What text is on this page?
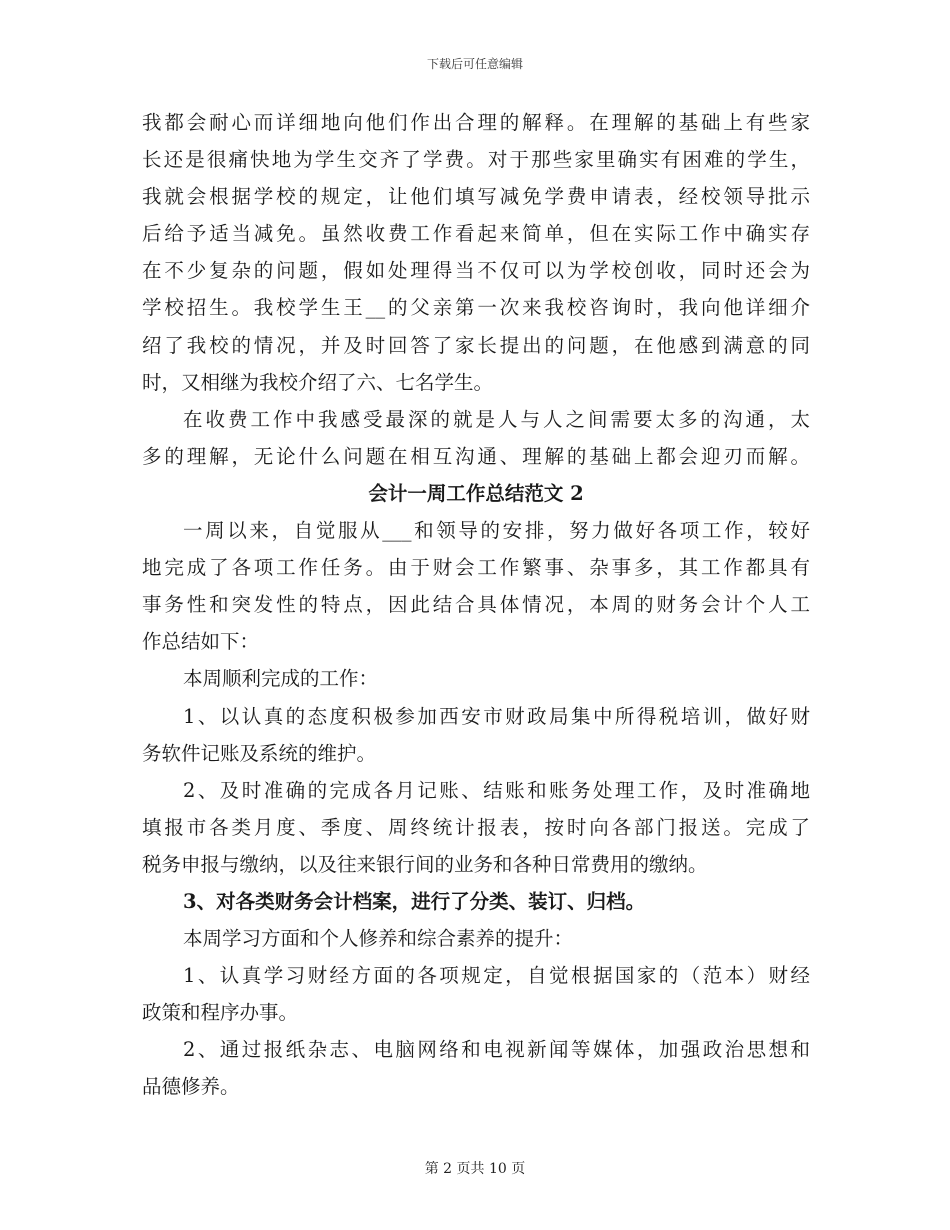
下载后可任意编辑
我都会耐心而详细地向他们作出合理的解释。在理解的基础上有些家
长还是很痛快地为学生交齐了学费。对于那些家里确实有困难的学生，
我就会根据学校的规定，让他们填写减免学费申请表，经校领导批示
后给予适当减免。虽然收费工作看起来简单，但在实际工作中确实存
在不少复杂的问题，假如处理得当不仅可以为学校创收，同时还会为
学校招生。我校学生王__的父亲第一次来我校咨询时，我向他详细介
绍了我校的情况，并及时回答了家长提出的问题，在他感到满意的同
时，又相继为我校介绍了六、七名学生。
在收费工作中我感受最深的就是人与人之间需要太多的沟通，太
多的理解，无论什么问题在相互沟通、理解的基础上都会迎刃而解。
会计一周工作总结范文 2
一周以来，自觉服从___和领导的安排，努力做好各项工作，较好
地完成了各项工作任务。由于财会工作繁事、杂事多，其工作都具有
事务性和突发性的特点，因此结合具体情况，本周的财务会计个人工
作总结如下：
本周顺利完成的工作：
1、以认真的态度积极参加西安市财政局集中所得税培训，做好财
务软件记账及系统的维护。
2、及时准确的完成各月记账、结账和账务处理工作，及时准确地
填报市各类月度、季度、周终统计报表，按时向各部门报送。完成了
税务申报与缴纳，以及往来银行间的业务和各种日常费用的缴纳。
3、对各类财务会计档案，进行了分类、装订、归档。
本周学习方面和个人修养和综合素养的提升：
1、认真学习财经方面的各项规定，自觉根据国家的（范本）财经
政策和程序办事。
2、通过报纸杂志、电脑网络和电视新闻等媒体，加强政治思想和
品德修养。
第 2 页共 10 页
